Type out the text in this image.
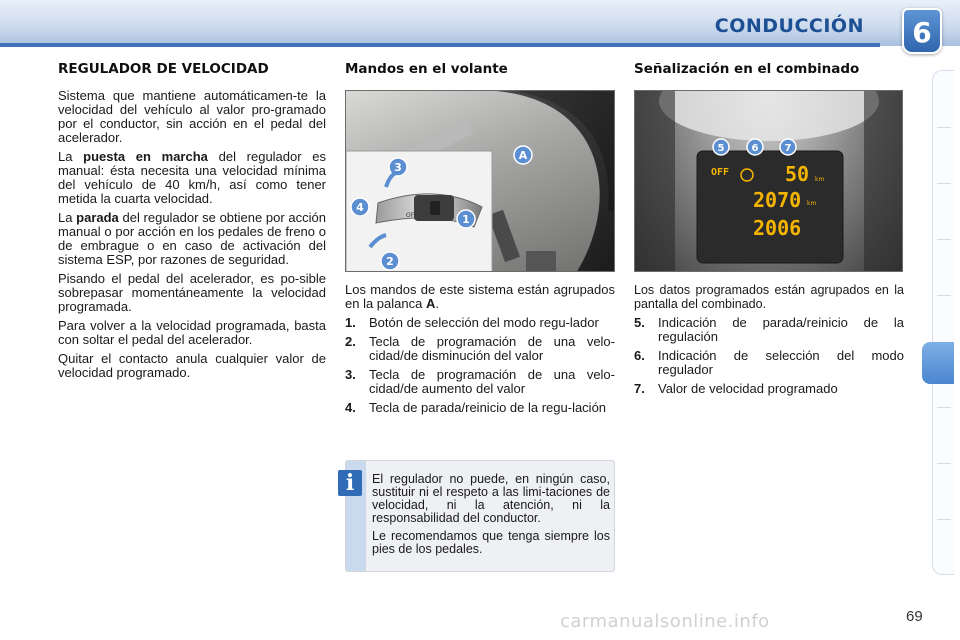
CONDUCCIÓN 6
REGULADOR DE VELOCIDAD

Sistema que mantiene automáticamen-te la velocidad del vehículo al valor pro-gramado por el conductor, sin acción en el pedal del acelerador.

La puesta en marcha del regulador es manual: ésta necesita una velocidad mínima del vehículo de 40 km/h, así como tener metida la cuarta velocidad.

La parada del regulador se obtiene por acción manual o por acción en los pedales de freno o de embrague o en caso de activación del sistema ESP, por razones de seguridad.

Pisando el pedal del acelerador, es po-sible sobrepasar momentáneamente la velocidad programada.

Para volver a la velocidad programada, basta con soltar el pedal del acelerador.

Quitar el contacto anula cualquier valor de velocidad programado.

Mandos en el volante
OFF
A
3
4
1
2

Los mandos de este sistema están agrupados en la palanca A.

1.	Botón de selección del modo regu-lador
2.	Tecla de programación de una velo-cidad/de disminución del valor
3.	Tecla de programación de una velo-cidad/de aumento del valor
4.	Tecla de parada/reinicio de la regu-lación
Señalización en el combinado
5	6	7
OFF	50 km
2070 km
2006

Los datos programados están agrupados en la pantalla del combinado.

5.	Indicación de parada/reinicio de la regulación
6.	Indicación de selección del modo regulador
7.	Valor de velocidad programado
i	El regulador no puede, en ningún caso, sustituir ni el respeto a las limi-taciones de velocidad, ni la atención, ni la responsabilidad del conductor.

Le recomendamos que tenga siempre los pies de los pedales.

carmanualsonline.info	69
